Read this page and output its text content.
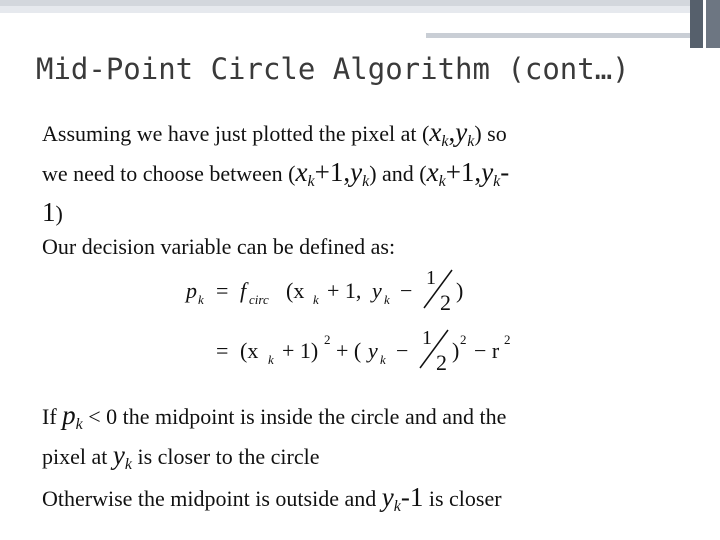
Mid-Point Circle Algorithm (cont…)
Assuming we have just plotted the pixel at $(x_k,y_k)$ so
we need to choose between $(x_k+1,y_k)$ and ($x_k+1,y_k-$
1)
Our decision variable can be defined as:
p k = f circ (x k + 1, y k − 1
2 )
= (x k + 1) 2 + ( y k − 1
2 ) 2 − r 2
If $p_k < 0$ the midpoint is inside the circle and and the
pixel at $y_k$ is closer to the circle
Otherwise the midpoint is outside and $y_k-1$ is closer
